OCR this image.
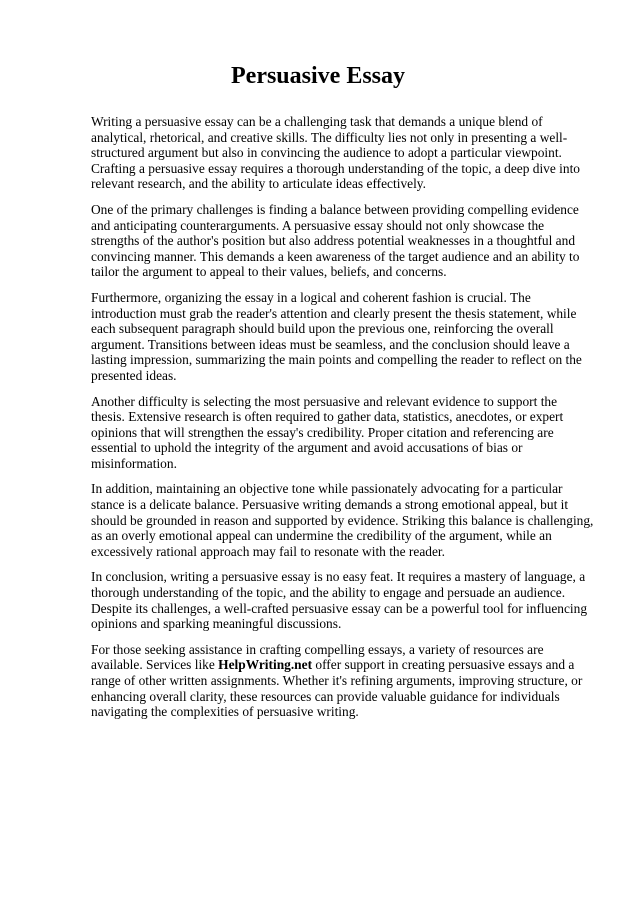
Persuasive Essay

Writing a persuasive essay can be a challenging task that demands a unique blend of analytical, rhetorical, and creative skills. The difficulty lies not only in presenting a well-structured argument but also in convincing the audience to adopt a particular viewpoint. Crafting a persuasive essay requires a thorough understanding of the topic, a deep dive into relevant research, and the ability to articulate ideas effectively.

One of the primary challenges is finding a balance between providing compelling evidence and anticipating counterarguments. A persuasive essay should not only showcase the strengths of the author's position but also address potential weaknesses in a thoughtful and convincing manner. This demands a keen awareness of the target audience and an ability to tailor the argument to appeal to their values, beliefs, and concerns.

Furthermore, organizing the essay in a logical and coherent fashion is crucial. The introduction must grab the reader's attention and clearly present the thesis statement, while each subsequent paragraph should build upon the previous one, reinforcing the overall argument. Transitions between ideas must be seamless, and the conclusion should leave a lasting impression, summarizing the main points and compelling the reader to reflect on the presented ideas.

Another difficulty is selecting the most persuasive and relevant evidence to support the thesis. Extensive research is often required to gather data, statistics, anecdotes, or expert opinions that will strengthen the essay's credibility. Proper citation and referencing are essential to uphold the integrity of the argument and avoid accusations of bias or misinformation.

In addition, maintaining an objective tone while passionately advocating for a particular stance is a delicate balance. Persuasive writing demands a strong emotional appeal, but it should be grounded in reason and supported by evidence. Striking this balance is challenging, as an overly emotional appeal can undermine the credibility of the argument, while an excessively rational approach may fail to resonate with the reader.

In conclusion, writing a persuasive essay is no easy feat. It requires a mastery of language, a thorough understanding of the topic, and the ability to engage and persuade an audience. Despite its challenges, a well-crafted persuasive essay can be a powerful tool for influencing opinions and sparking meaningful discussions.

For those seeking assistance in crafting compelling essays, a variety of resources are available. Services like HelpWriting.net offer support in creating persuasive essays and a range of other written assignments. Whether it's refining arguments, improving structure, or enhancing overall clarity, these resources can provide valuable guidance for individuals navigating the complexities of persuasive writing.
